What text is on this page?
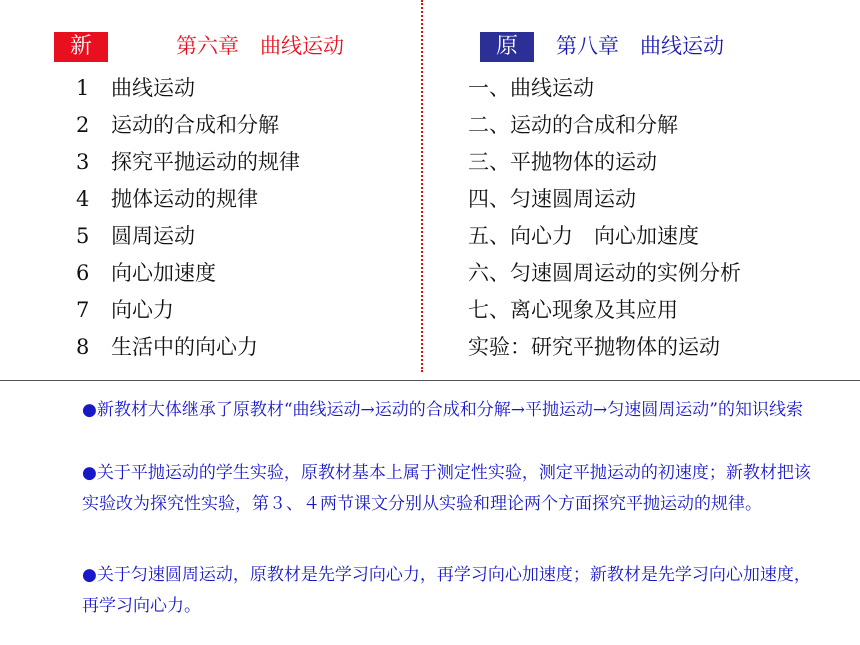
新	第六章　曲线运动	原	第八章　曲线运动
1 曲线运动
2 运动的合成和分解
3 探究平抛运动的规律
4 抛体运动的规律
5 圆周运动
6 向心加速度
7 向心力
8 生活中的向心力
一、曲线运动
二、运动的合成和分解
三、平抛物体的运动
四、匀速圆周运动
五、向心力　向心加速度
六、匀速圆周运动的实例分析
七、离心现象及其应用
实验：研究平抛物体的运动
●新教材大体继承了原教材“曲线运动→运动的合成和分解→平抛运动→匀速圆周运动”的知识线索
●关于平抛运动的学生实验，原教材基本上属于测定性实验，测定平抛运动的初速度；新教材把该实验改为探究性实验，第３、４两节课文分别从实验和理论两个方面探究平抛运动的规律。
●关于匀速圆周运动，原教材是先学习向心力，再学习向心加速度；新教材是先学习向心加速度，再学习向心力。
